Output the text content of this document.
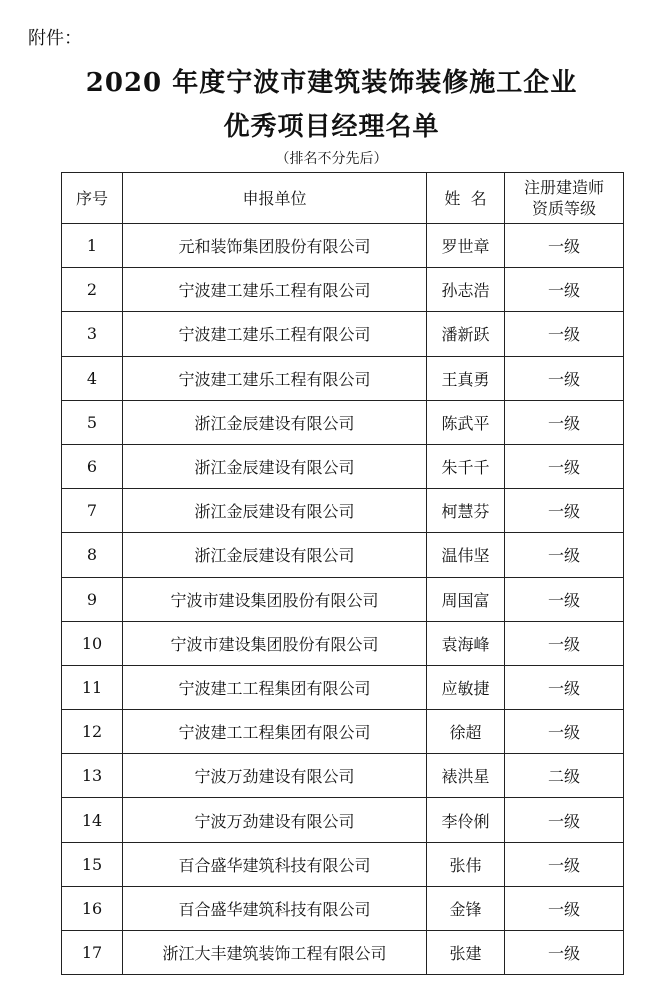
附件：
2020 年度宁波市建筑装饰装修施工企业
优秀项目经理名单
（排名不分先后）
序号	申报单位	姓  名	注册建造师
资质等级

1	元和装饰集团股份有限公司	罗世章	一级
2	宁波建工建乐工程有限公司	孙志浩	一级
3	宁波建工建乐工程有限公司	潘新跃	一级
4	宁波建工建乐工程有限公司	王真勇	一级
5	浙江金辰建设有限公司	陈武平	一级
6	浙江金辰建设有限公司	朱千千	一级
7	浙江金辰建设有限公司	柯慧芬	一级
8	浙江金辰建设有限公司	温伟坚	一级
9	宁波市建设集团股份有限公司	周国富	一级
10	宁波市建设集团股份有限公司	袁海峰	一级
11	宁波建工工程集团有限公司	应敏捷	一级
12	宁波建工工程集团有限公司	徐超	一级
13	宁波万劲建设有限公司	裱洪星	二级
14	宁波万劲建设有限公司	李伶俐	一级
15	百合盛华建筑科技有限公司	张伟	一级
16	百合盛华建筑科技有限公司	金锋	一级
17	浙江大丰建筑装饰工程有限公司	张建	一级
